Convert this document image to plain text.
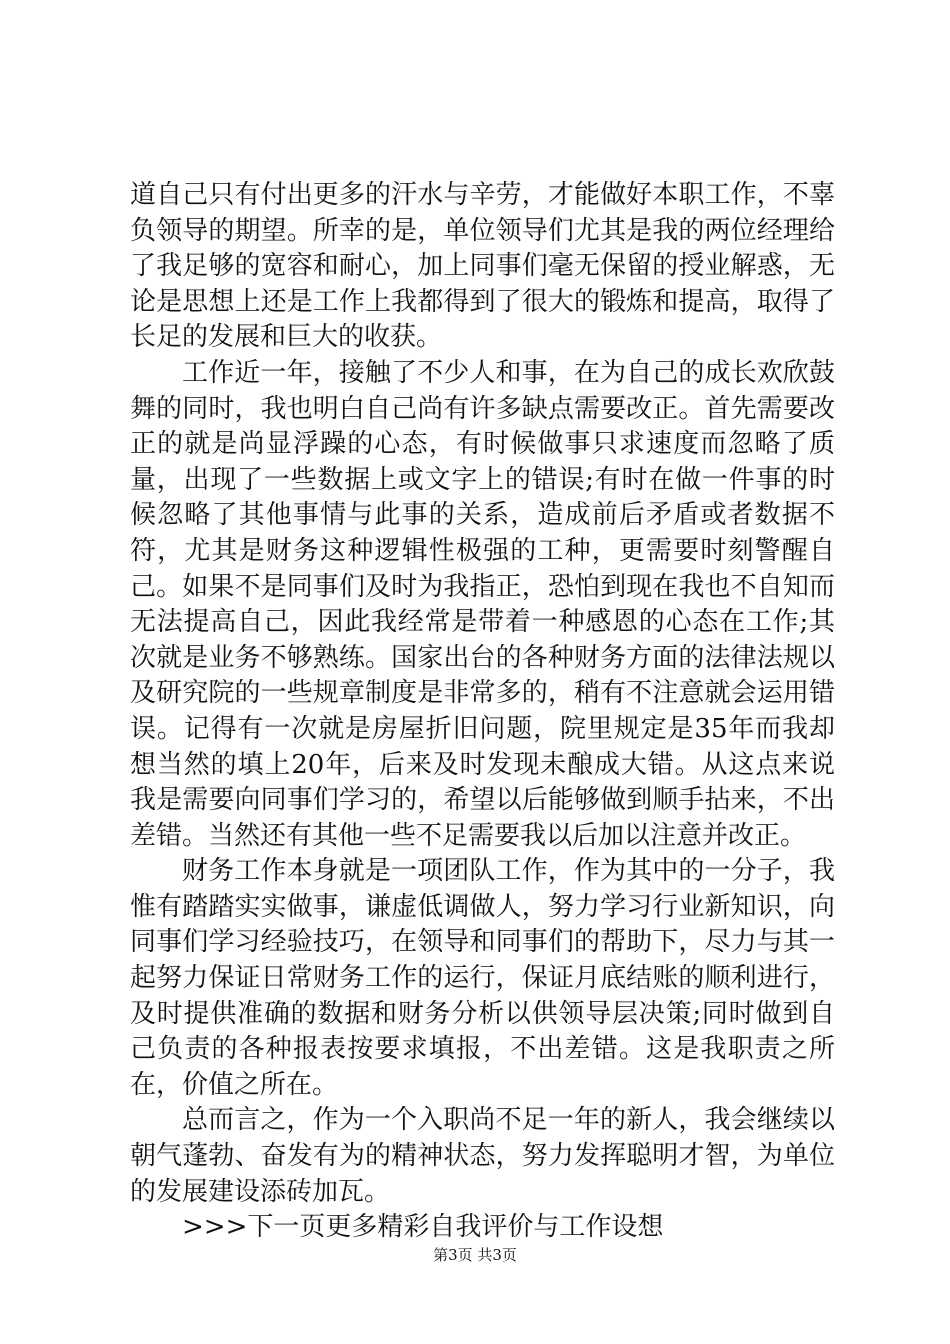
道自己只有付出更多的汗水与辛劳，才能做好本职工作，不辜负领导的期望。所幸的是，单位领导们尤其是我的两位经理给了我足够的宽容和耐心，加上同事们毫无保留的授业解惑，无论是思想上还是工作上我都得到了很大的锻炼和提高，取得了长足的发展和巨大的收获。

工作近一年，接触了不少人和事，在为自己的成长欢欣鼓舞的同时，我也明白自己尚有许多缺点需要改正。首先需要改正的就是尚显浮躁的心态，有时候做事只求速度而忽略了质量，出现了一些数据上或文字上的错误;有时在做一件事的时候忽略了其他事情与此事的关系，造成前后矛盾或者数据不符，尤其是财务这种逻辑性极强的工种，更需要时刻警醒自己。如果不是同事们及时为我指正，恐怕到现在我也不自知而无法提高自己，因此我经常是带着一种感恩的心态在工作;其次就是业务不够熟练。国家出台的各种财务方面的法律法规以及研究院的一些规章制度是非常多的，稍有不注意就会运用错误。记得有一次就是房屋折旧问题，院里规定是35年而我却想当然的填上20年，后来及时发现未酿成大错。从这点来说我是需要向同事们学习的，希望以后能够做到顺手拈来，不出差错。当然还有其他一些不足需要我以后加以注意并改正。

财务工作本身就是一项团队工作，作为其中的一分子，我惟有踏踏实实做事，谦虚低调做人，努力学习行业新知识，向同事们学习经验技巧，在领导和同事们的帮助下，尽力与其一起努力保证日常财务工作的运行，保证月底结账的顺利进行，及时提供准确的数据和财务分析以供领导层决策;同时做到自己负责的各种报表按要求填报，不出差错。这是我职责之所在，价值之所在。

总而言之，作为一个入职尚不足一年的新人，我会继续以朝气蓬勃、奋发有为的精神状态，努力发挥聪明才智，为单位的发展建设添砖加瓦。

>>>下一页更多精彩自我评价与工作设想

第3页 共3页
